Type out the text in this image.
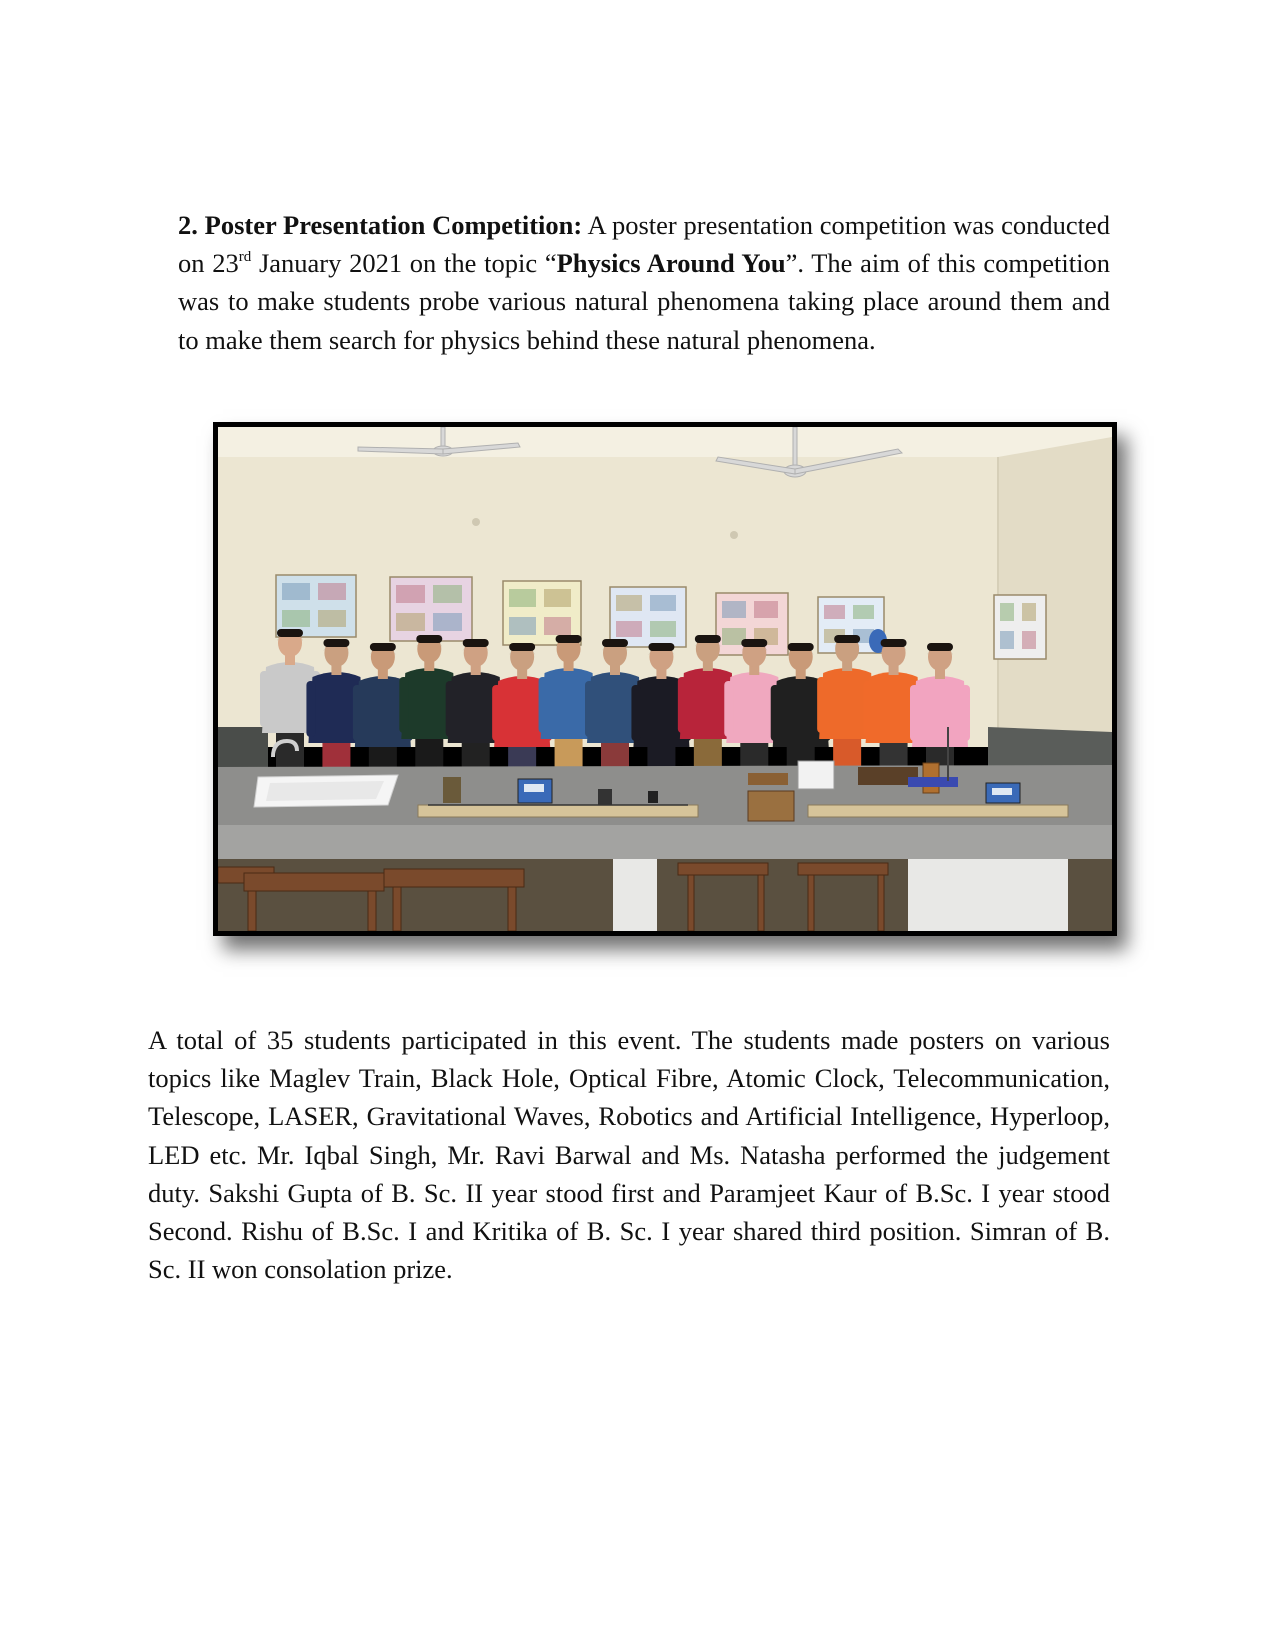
2. Poster Presentation Competition: A poster presentation competition was conducted on 23rd January 2021 on the topic “Physics Around You”. The aim of this competition was to make students probe various natural phenomena taking place around them and to make them search for physics behind these natural phenomena.

A total of 35 students participated in this event. The students made posters on various topics like Maglev Train, Black Hole, Optical Fibre, Atomic Clock, Telecommunication, Telescope, LASER, Gravitational Waves, Robotics and Artificial Intelligence, Hyperloop, LED etc. Mr. Iqbal Singh, Mr. Ravi Barwal and Ms. Natasha performed the judgement duty. Sakshi Gupta of B. Sc. II year stood first and Paramjeet Kaur of B.Sc. I year stood Second. Rishu of B.Sc. I and Kritika of B. Sc. I year shared third position. Simran of B. Sc. II won consolation prize.
